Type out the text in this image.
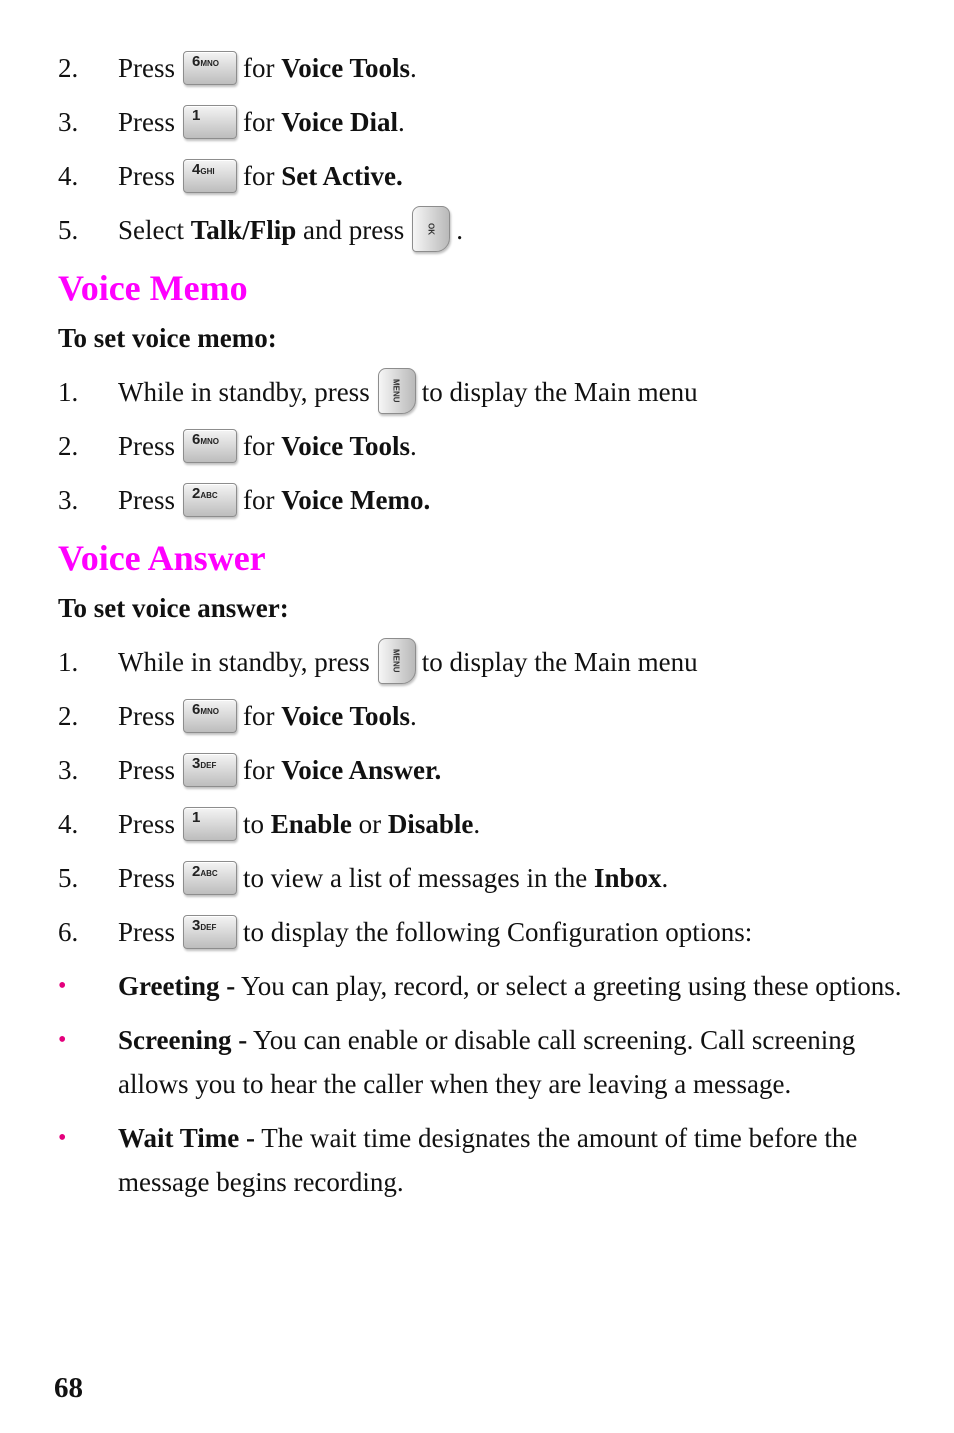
2.	Press 6MNO for Voice Tools.
3.	Press 1 for Voice Dial.
4.	Press 4GHI for Set Active.
5.	Select Talk/Flip and press	OK .
Voice Memo
To set voice memo:
1.	While in standby, press	MENU to display the Main menu
2.	Press 6MNO for Voice Tools.
3.	Press 2ABC for Voice Memo.
Voice Answer
To set voice answer:
1.	While in standby, press	MENU to display the Main menu
2.	Press 6MNO for Voice Tools.
3.	Press 3DEF for Voice Answer.
4.	Press 1 to Enable or Disable.
5.	Press 2ABC to view a list of messages in the Inbox.
6.	Press 3DEF to display the following Configuration options:
• Greeting - You can play, record, or select a greeting using these options.
• Screening - You can enable or disable call screening. Call screening allows you to hear the caller when they are leaving a message.
• Wait Time - The wait time designates the amount of time before the message begins recording.
68
